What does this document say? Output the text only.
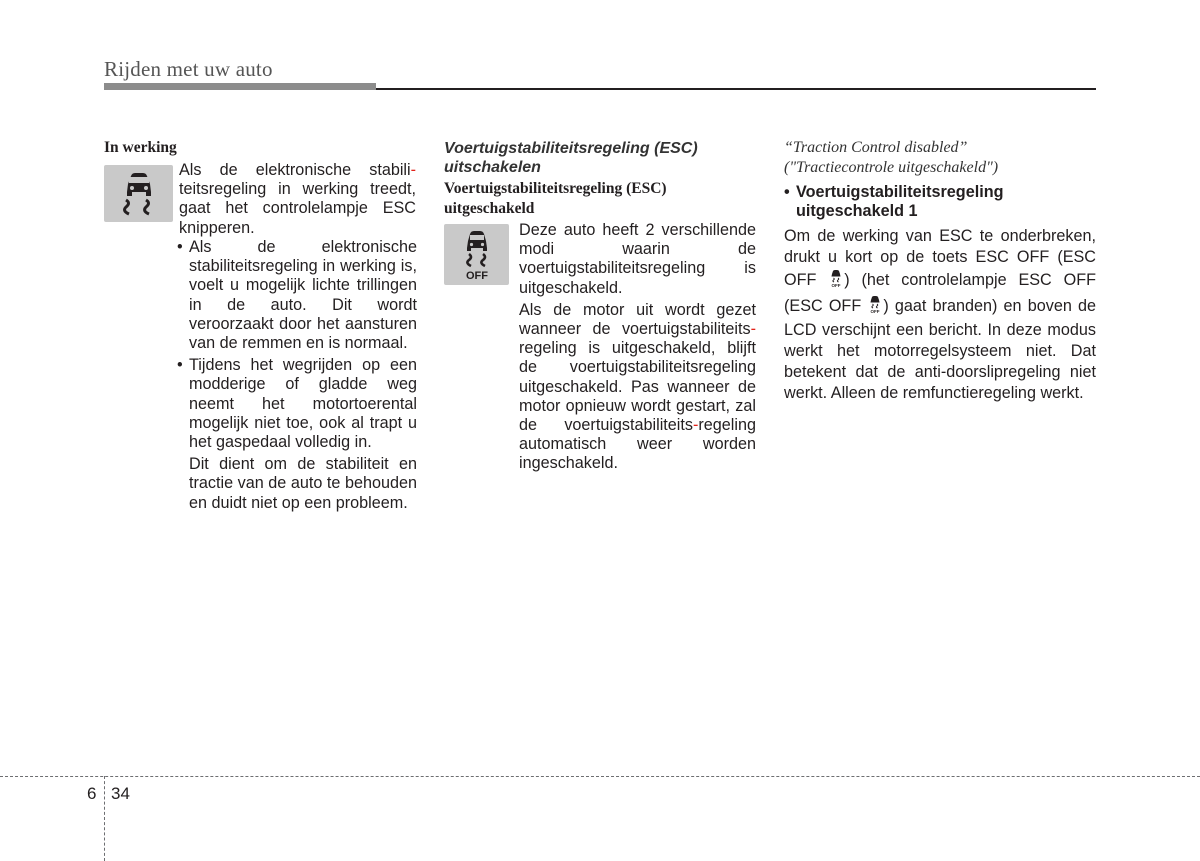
Rijden met uw auto
In werking
Als de elektronische stabili- teitsregeling in werking treedt, gaat het controlelampje ESC knipperen.
• Als de elektronische stabiliteitsregeling in werking is, voelt u mogelijk lichte trillingen in de auto. Dit wordt veroorzaakt door het aansturen van de remmen en is normaal.

• Tijdens het wegrijden op een modderige of gladde weg neemt het motortoerental mogelijk niet toe, ook al trapt u het gaspedaal volledig in.

Dit dient om de stabiliteit en tractie van de auto te behouden en duidt niet op een probleem.

Voertuigstabiliteitsregeling (ESC) uitschakelen
Voertuigstabiliteitsregeling (ESC) uitgeschakeld
OFF

Deze auto heeft 2 verschillende modi waarin de voertuigstabiliteitsregeling is uitgeschakeld.

Als de motor uit wordt gezet wanneer de voertuigstabiliteits-regeling is uitgeschakeld, blijft de voertuigstabiliteitsregeling uitgeschakeld. Pas wanneer de motor opnieuw wordt gestart, zal de voertuigstabiliteits-regeling automatisch weer worden ingeschakeld.

“Traction Control disabled”
("Tractiecontrole uitgeschakeld")
• Voertuigstabiliteitsregeling
uitgeschakeld 1
Om de werking van ESC te onderbreken, drukt u kort op de toets ESC OFF (ESC OFF OFF ) (het controlelampje ESC OFF (ESC OFF OFF ) gaat branden) en boven de LCD verschijnt een bericht. In deze modus werkt het motorregelsysteem niet. Dat betekent dat de anti-doorslipregeling niet werkt. Alleen de remfunctieregeling werkt.
6 34
